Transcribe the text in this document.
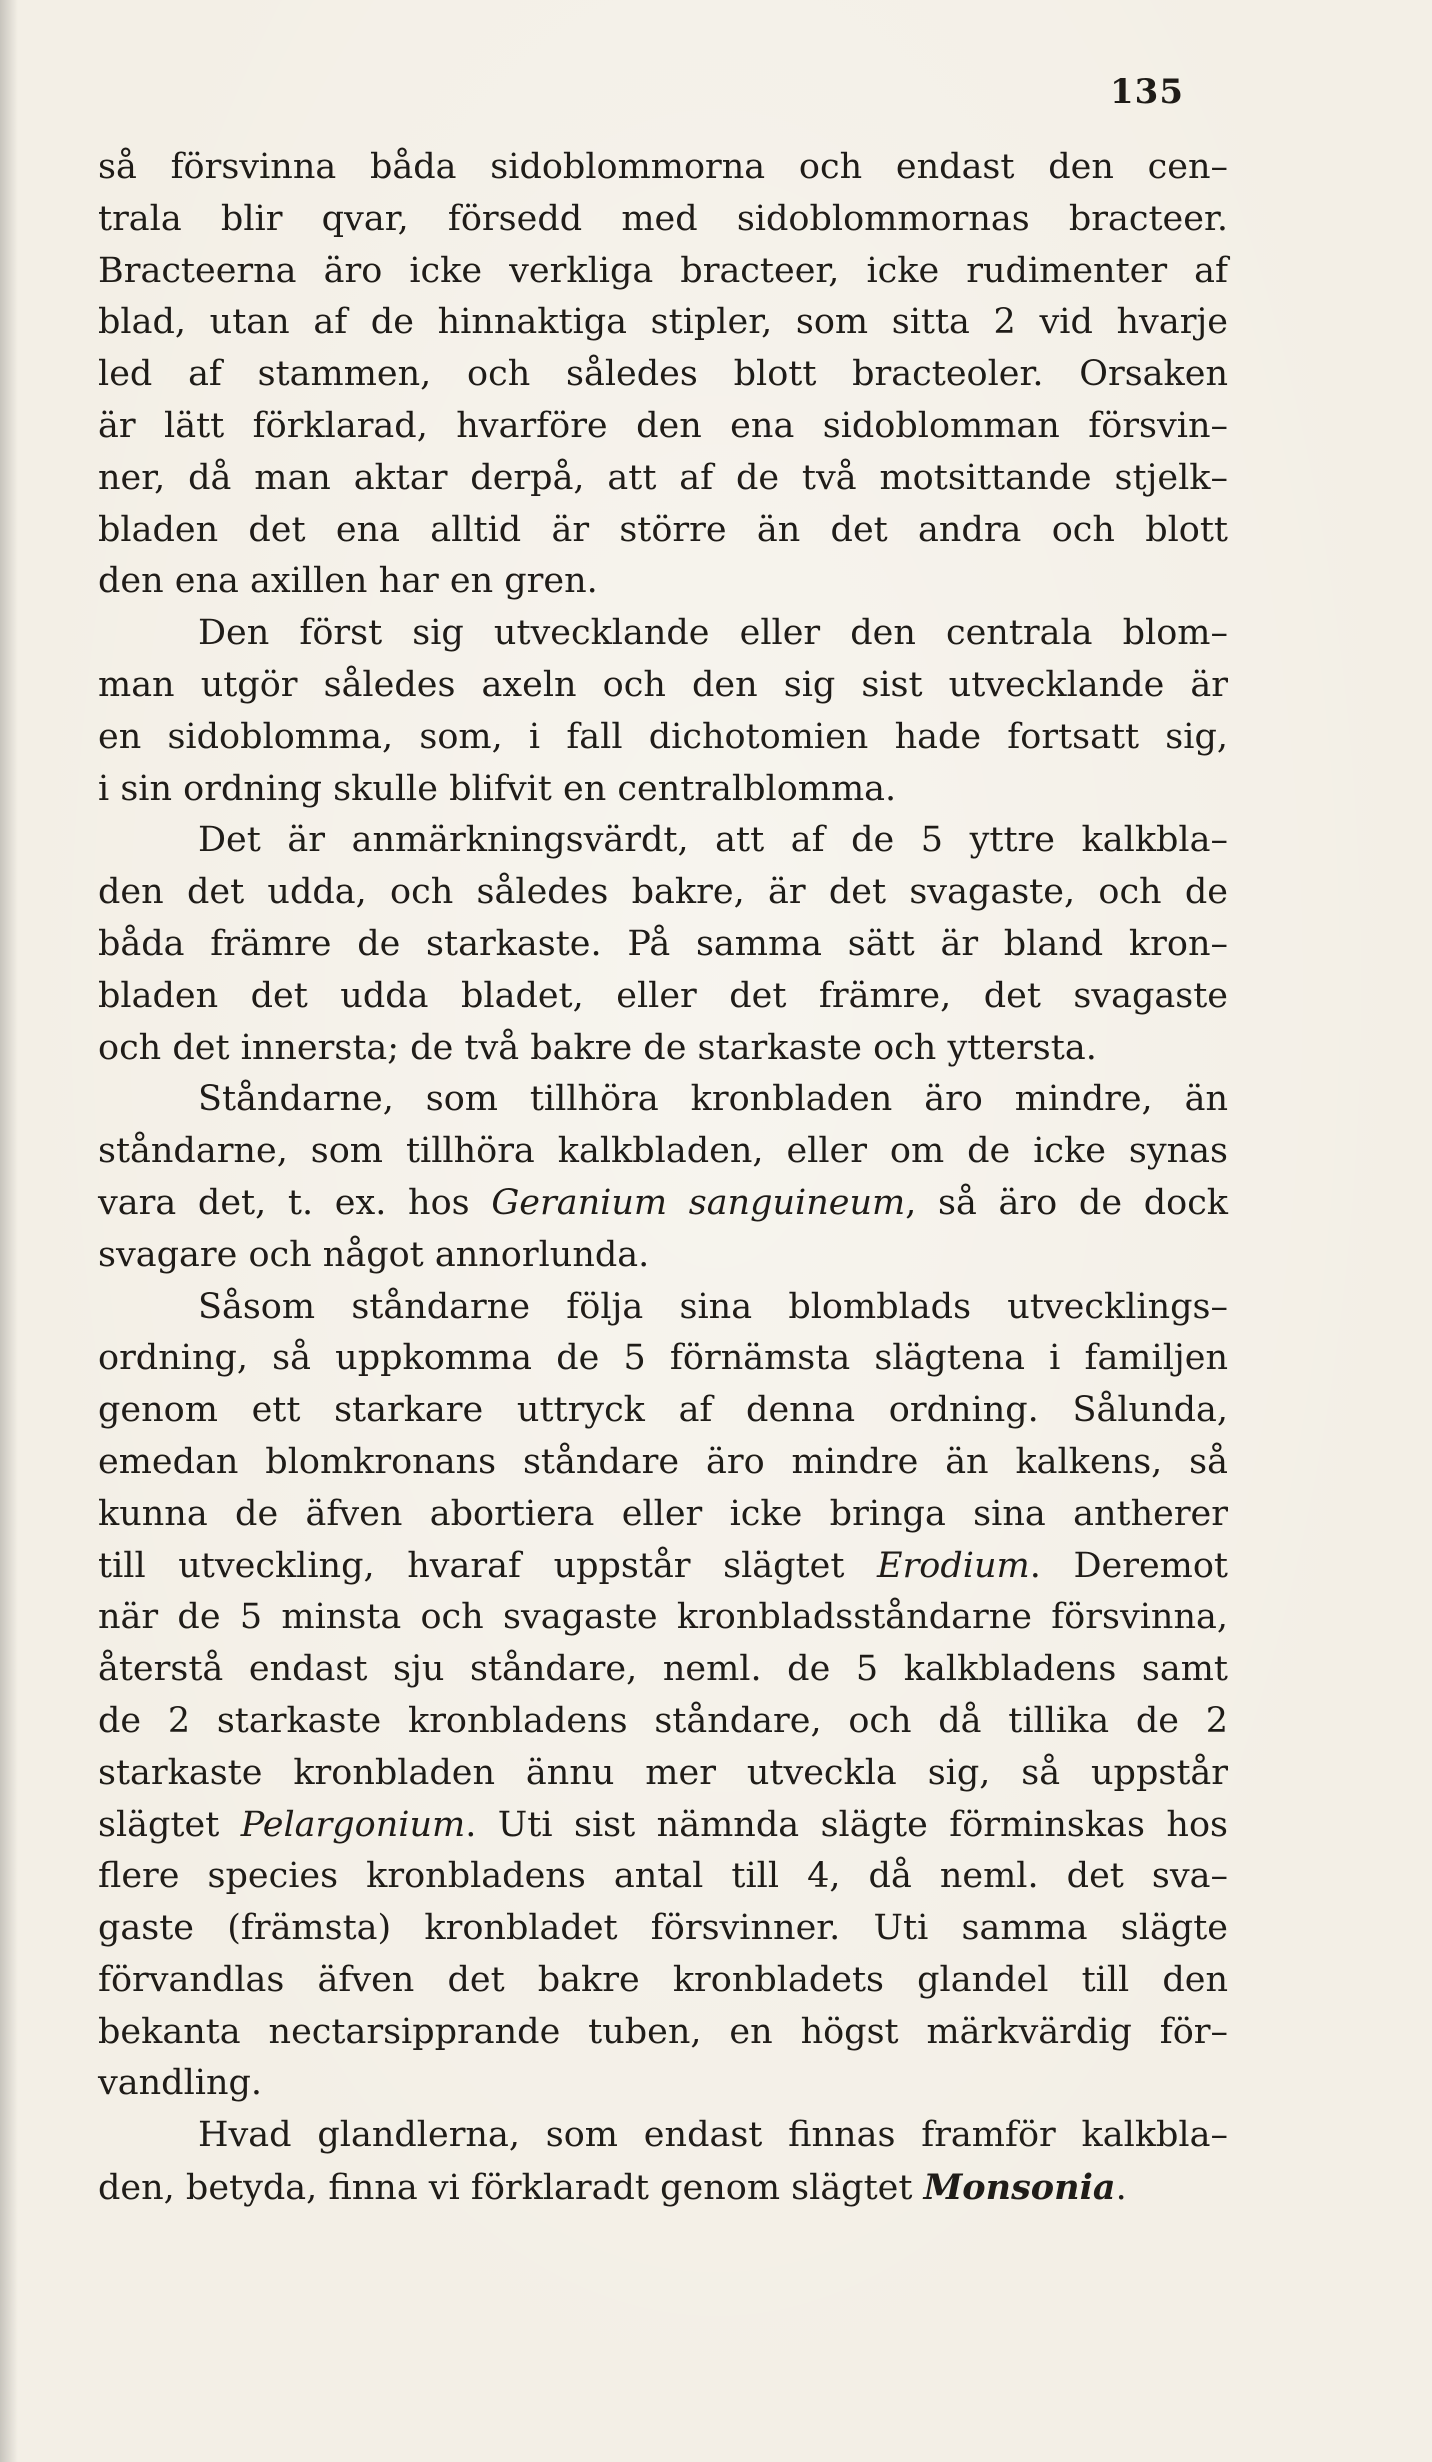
135
så försvinna båda sidoblommorna och endast den cen–
trala blir qvar, försedd med sidoblommornas bracteer.
Bracteerna äro icke verkliga bracteer, icke rudimenter af
blad, utan af de hinnaktiga stipler, som sitta 2 vid hvarje
led af stammen, och således blott bracteoler. Orsaken
är lätt förklarad, hvarföre den ena sidoblomman försvin–
ner, då man aktar derpå, att af de två motsittande stjelk–
bladen det ena alltid är större än det andra och blott
den ena axillen har en gren.
Den först sig utvecklande eller den centrala blom–
man utgör således axeln och den sig sist utvecklande är
en sidoblomma, som, i fall dichotomien hade fortsatt sig,
i sin ordning skulle blifvit en centralblomma.
Det är anmärkningsvärdt, att af de 5 yttre kalkbla–
den det udda, och således bakre, är det svagaste, och de
båda främre de starkaste. På samma sätt är bland kron–
bladen det udda bladet, eller det främre, det svagaste
och det innersta; de två bakre de starkaste och yttersta.
Ståndarne, som tillhöra kronbladen äro mindre, än
ståndarne, som tillhöra kalkbladen, eller om de icke synas
vara det, t. ex. hos Geranium sanguineum, så äro de dock
svagare och något annorlunda.
Såsom ståndarne följa sina blomblads utvecklings–
ordning, så uppkomma de 5 förnämsta slägtena i familjen
genom ett starkare uttryck af denna ordning. Sålunda,
emedan blomkronans ståndare äro mindre än kalkens, så
kunna de äfven abortiera eller icke bringa sina antherer
till utveckling, hvaraf uppstår slägtet Erodium. Deremot
när de 5 minsta och svagaste kronbladsståndarne försvinna,
återstå endast sju ståndare, neml. de 5 kalkbladens samt
de 2 starkaste kronbladens ståndare, och då tillika de 2
starkaste kronbladen ännu mer utveckla sig, så uppstår
slägtet Pelargonium. Uti sist nämnda slägte förminskas hos
flere species kronbladens antal till 4, då neml. det sva–
gaste (främsta) kronbladet försvinner. Uti samma slägte
förvandlas äfven det bakre kronbladets glandel till den
bekanta nectarsipprande tuben, en högst märkvärdig för–
vandling.
Hvad glandlerna, som endast finnas framför kalkbla–
den, betyda, finna vi förklaradt genom slägtet Monsonia.
